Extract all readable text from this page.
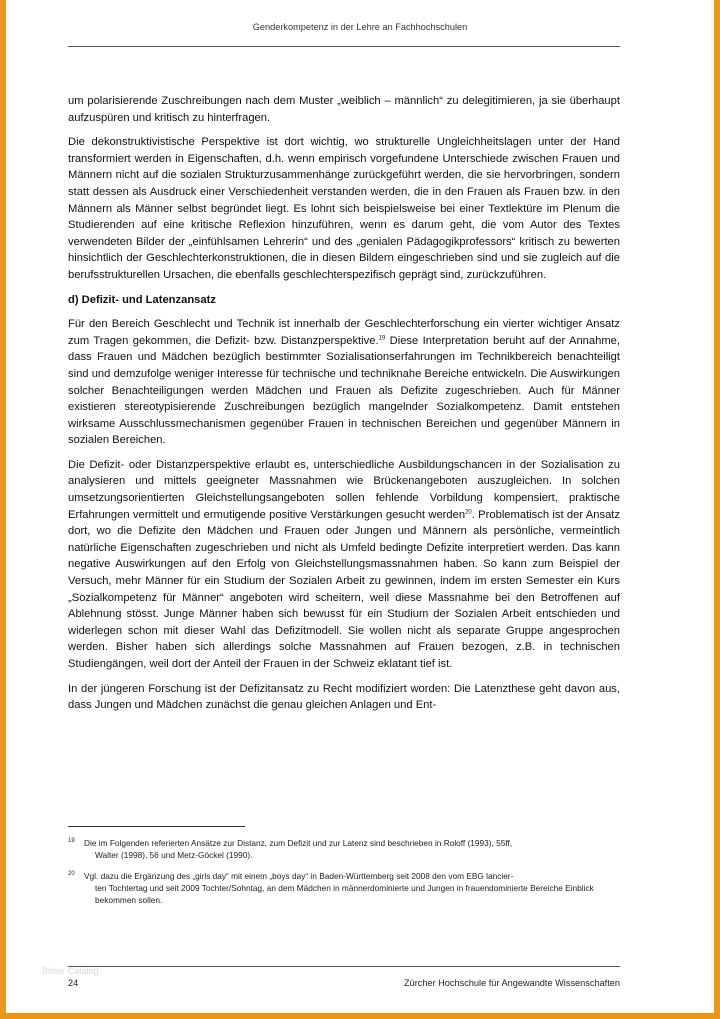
Genderkompetenz in der Lehre an Fachhochschulen

um polarisierende Zuschreibungen nach dem Muster „weiblich – männlich“ zu delegitimieren, ja sie überhaupt aufzuspüren und kritisch zu hinterfragen.

Die dekonstruktivistische Perspektive ist dort wichtig, wo strukturelle Ungleichheitslagen unter der Hand transformiert werden in Eigenschaften, d.h. wenn empirisch vorgefundene Unterschiede zwischen Frauen und Männern nicht auf die sozialen Strukturzusammenhänge zurückgeführt werden, die sie hervorbringen, sondern statt dessen als Ausdruck einer Verschiedenheit verstanden werden, die in den Frauen als Frauen bzw. in den Männern als Männer selbst begründet liegt. Es lohnt sich beispielsweise bei einer Textlektüre im Plenum die Studierenden auf eine kritische Reflexion hinzuführen, wenn es darum geht, die vom Autor des Textes verwendeten Bilder der „einfühlsamen Lehrerin“ und des „genialen Pädagogikprofessors“ kritisch zu bewerten hinsichtlich der Geschlechterkonstruktionen, die in diesen Bildern eingeschrieben sind und sie zugleich auf die berufsstrukturellen Ursachen, die ebenfalls geschlechterspezifisch geprägt sind, zurückzuführen.

d) Defizit- und Latenzansatz

Für den Bereich Geschlecht und Technik ist innerhalb der Geschlechterforschung ein vierter wichtiger Ansatz zum Tragen gekommen, die Defizit- bzw. Distanzperspektive.$^{19}$ Diese Interpretation beruht auf der Annahme, dass Frauen und Mädchen bezüglich bestimmter Sozialisationserfahrungen im Technikbereich benachteiligt sind und demzufolge weniger Interesse für technische und techniknahe Bereiche entwickeln. Die Auswirkungen solcher Benachteiligungen werden Mädchen und Frauen als Defizite zugeschrieben. Auch für Männer existieren stereotypisierende Zuschreibungen bezüglich mangelnder Sozialkompetenz. Damit entstehen wirksame Ausschlussmechanismen gegenüber Frauen in technischen Bereichen und gegenüber Männern in sozialen Bereichen.

Die Defizit- oder Distanzperspektive erlaubt es, unterschiedliche Ausbildungschancen in der Sozialisation zu analysieren und mittels geeigneter Massnahmen wie Brückenangeboten auszugleichen. In solchen umsetzungsorientierten Gleichstellungsangeboten sollen fehlende Vorbildung kompensiert, praktische Erfahrungen vermittelt und ermutigende positive Verstärkungen gesucht werden$^{20}$. Problematisch ist der Ansatz dort, wo die Defizite den Mädchen und Frauen oder Jungen und Männern als persönliche, vermeintlich natürliche Eigenschaften zugeschrieben und nicht als Umfeld bedingte Defizite interpretiert werden. Das kann negative Auswirkungen auf den Erfolg von Gleichstellungsmassnahmen haben. So kann zum Beispiel der Versuch, mehr Männer für ein Studium der Sozialen Arbeit zu gewinnen, indem im ersten Semester ein Kurs „Sozialkompetenz für Männer“ angeboten wird scheitern, weil diese Massnahme bei den Betroffenen auf Ablehnung stösst. Junge Männer haben sich bewusst für ein Studium der Sozialen Arbeit entschieden und widerlegen schon mit dieser Wahl das Defizitmodell. Sie wollen nicht als separate Gruppe angesprochen werden. Bisher haben sich allerdings solche Massnahmen auf Frauen bezogen, z.B. in technischen Studiengängen, weil dort der Anteil der Frauen in der Schweiz eklatant tief ist.

In der jüngeren Forschung ist der Defizitansatz zu Recht modifiziert worden: Die Latenzthese geht davon aus, dass Jungen und Mädchen zunächst die genau gleichen Anlagen und Ent-

19	Die im Folgenden referierten Ansätze zur Distanz, zum Defizit und zur Latenz sind beschrieben in Roloff (1993), 55ff,
Walter (1998), 56 und Metz-Göckel (1990).
20	Vgl. dazu die Ergänzung des „girls day“ mit einem „boys day“ in Baden-Württemberg seit 2008 den vom EBG lancier-
ten Tochtertag und seit 2009 Tochter/Sohntag, an dem Mädchen in männerdominierte und Jungen in frauendominierte Bereiche Einblick bekommen sollen.
Bilder Catalog
24	Zürcher Hochschule für Angewandte Wissenschaften
